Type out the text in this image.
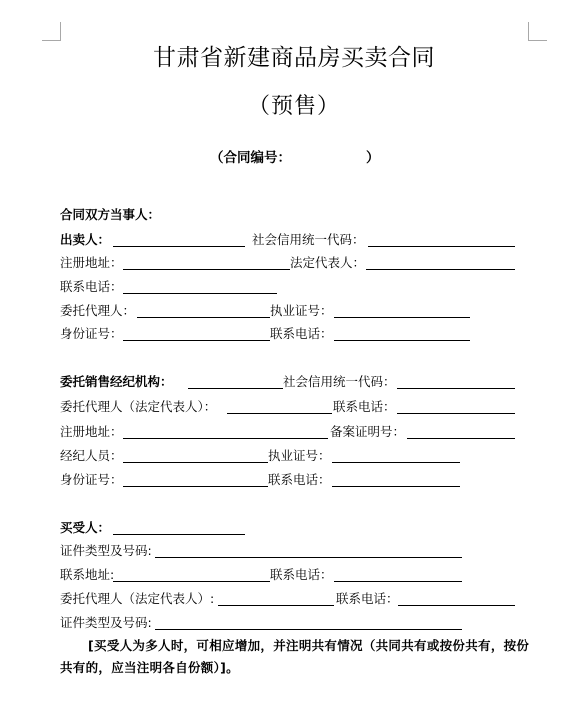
甘肃省新建商品房买卖合同
（预售）
（合同编号：	）
合同双方当事人：
出卖人：	社会信用统一代码：
注册地址：	法定代表人：
联系电话：
委托代理人：	执业证号：
身份证号：	联系电话：
委托销售经纪机构：	社会信用统一代码：
委托代理人（法定代表人）：	联系电话：
注册地址：	备案证明号：
经纪人员：	执业证号：
身份证号：	联系电话：
买受人：
证件类型及号码:
联系地址:	联系电话：
委托代理人（法定代表人）:	联系电话：
证件类型及号码:
[买受人为多人时，可相应增加，并注明共有情况（共同共有或按份共有，按份
共有的，应当注明各自份额）]。
